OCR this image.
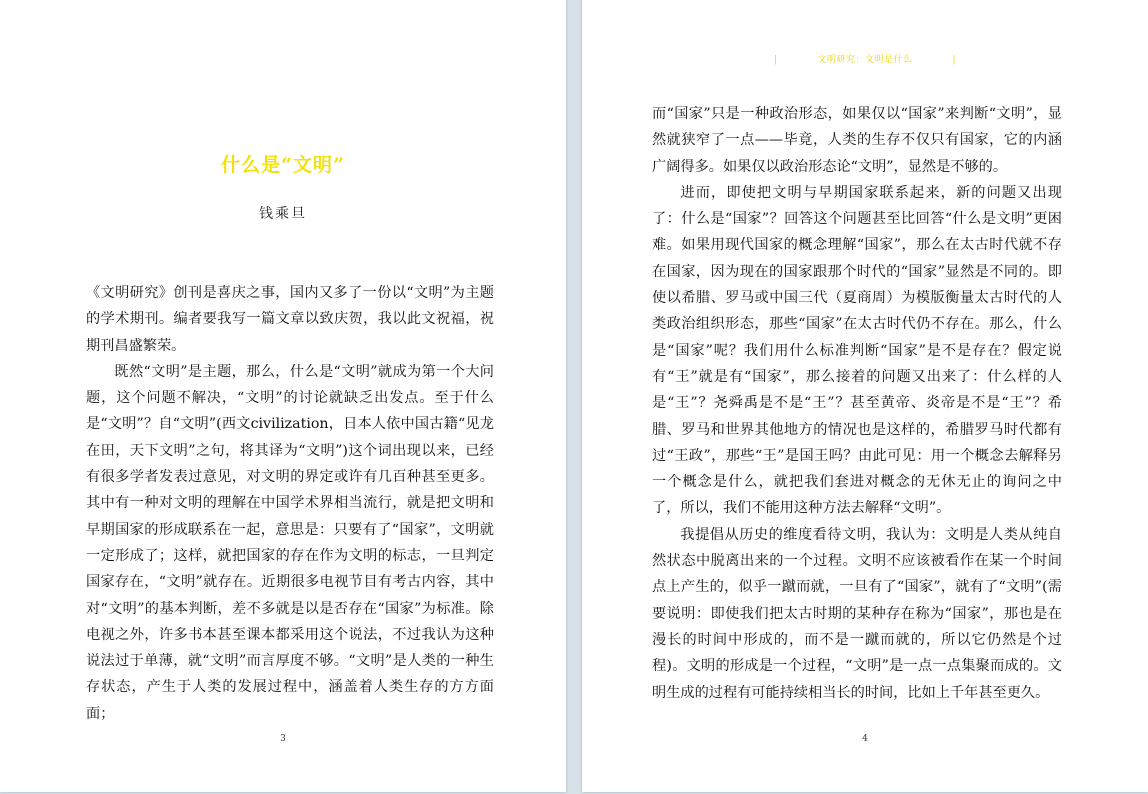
什么是“文明”
钱乘旦

《文明研究》创刊是喜庆之事，国内又多了一份以“文明”为主题的学术期刊。编者要我写一篇文章以致庆贺，我以此文祝福，祝期刊昌盛繁荣。

既然“文明”是主题，那么，什么是“文明”就成为第一个大问题，这个问题不解决，“文明”的讨论就缺乏出发点。至于什么是“文明”？自“文明”(西文civilization，日本人依中国古籍“见龙在田，天下文明”之句，将其译为“文明”)这个词出现以来，已经有很多学者发表过意见，对文明的界定或许有几百种甚至更多。其中有一种对文明的理解在中国学术界相当流行，就是把文明和早期国家的形成联系在一起，意思是：只要有了“国家”，文明就一定形成了；这样，就把国家的存在作为文明的标志，一旦判定国家存在，“文明”就存在。近期很多电视节目有考古内容，其中对“文明”的基本判断，差不多就是以是否存在“国家”为标准。除电视之外，许多书本甚至课本都采用这个说法，不过我认为这种说法过于单薄，就“文明”而言厚度不够。“文明”是人类的一种生存状态，产生于人类的发展过程中，涵盖着人类生存的方方面面；

3
|	文明研究：文明是什么	|

而“国家”只是一种政治形态，如果仅以“国家”来判断“文明”，显然就狭窄了一点——毕竟，人类的生存不仅只有国家，它的内涵广阔得多。如果仅以政治形态论“文明”，显然是不够的。

进而，即使把文明与早期国家联系起来，新的问题又出现了：什么是“国家”？回答这个问题甚至比回答“什么是文明”更困难。如果用现代国家的概念理解“国家”，那么在太古时代就不存在国家，因为现在的国家跟那个时代的“国家”显然是不同的。即使以希腊、罗马或中国三代（夏商周）为模版衡量太古时代的人类政治组织形态，那些“国家”在太古时代仍不存在。那么，什么是“国家”呢？我们用什么标准判断“国家”是不是存在？假定说有“王”就是有“国家”，那么接着的问题又出来了：什么样的人是“王”？尧舜禹是不是“王”？甚至黄帝、炎帝是不是“王”？希腊、罗马和世界其他地方的情况也是这样的，希腊罗马时代都有过“王政”，那些“王”是国王吗？由此可见：用一个概念去解释另一个概念是什么，就把我们套进对概念的无休无止的询问之中了，所以，我们不能用这种方法去解释“文明”。

我提倡从历史的维度看待文明，我认为：文明是人类从纯自然状态中脱离出来的一个过程。文明不应该被看作在某一个时间点上产生的，似乎一蹴而就，一旦有了“国家”，就有了“文明”(需要说明：即使我们把太古时期的某种存在称为“国家”，那也是在漫长的时间中形成的，而不是一蹴而就的，所以它仍然是个过程)。文明的形成是一个过程，“文明”是一点一点集聚而成的。文明生成的过程有可能持续相当长的时间，比如上千年甚至更久。

4
